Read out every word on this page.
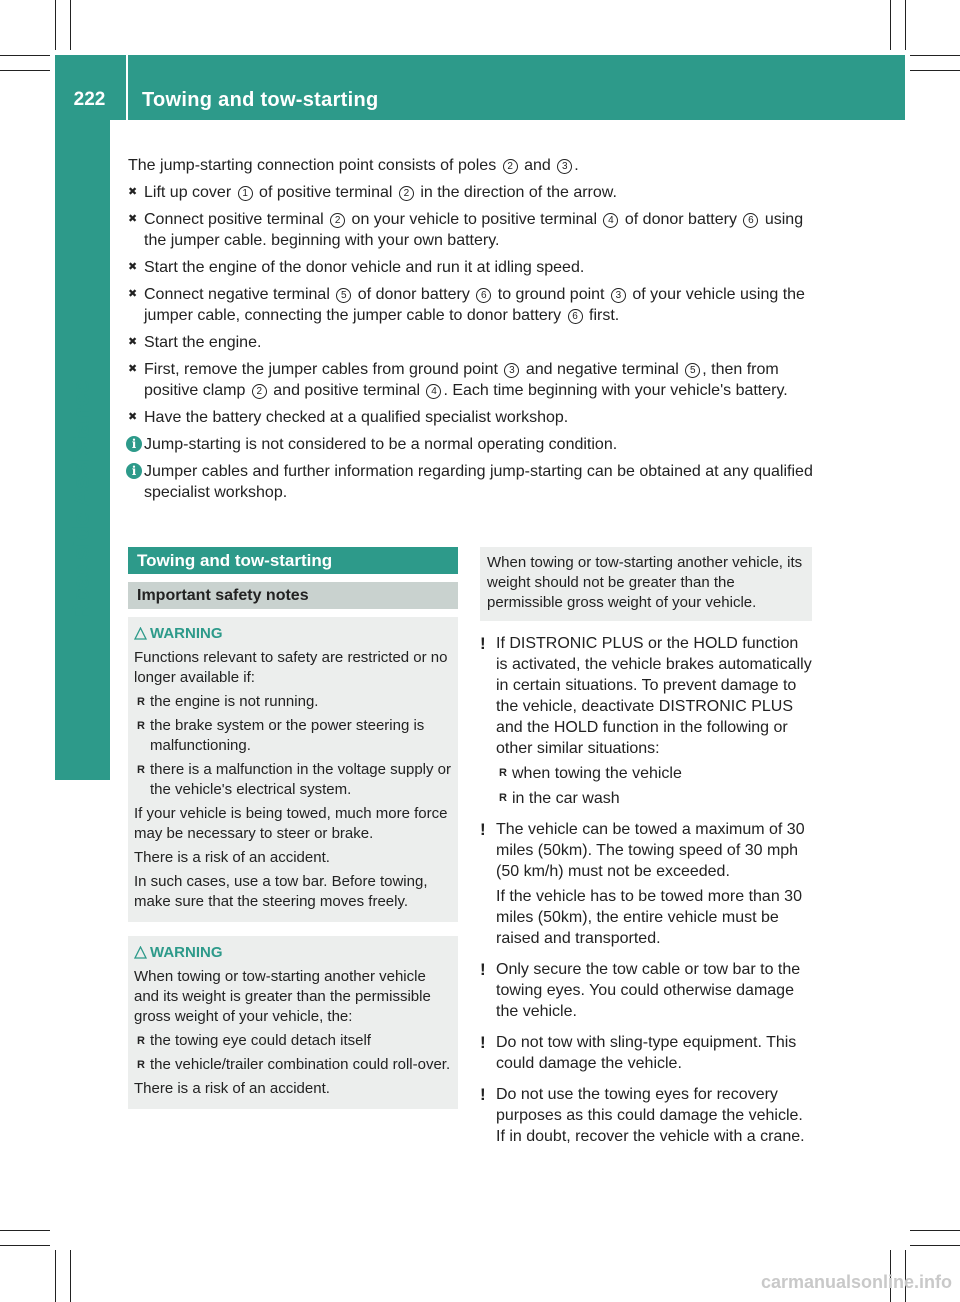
222	Towing and tow-starting
Roadside Assistance

The jump-starting connection point consists of poles 2 and 3 .

✖ Lift up cover 1 of positive terminal 2 in the direction of the arrow.
✖ Connect positive terminal 2 on your vehicle to positive terminal 4 of donor battery 6 using the jumper cable. beginning with your own battery.
✖ Start the engine of the donor vehicle and run it at idling speed.
✖ Connect negative terminal 5 of donor battery 6 to ground point 3 of your vehicle using the jumper cable, connecting the jumper cable to donor battery 6 first.
✖ Start the engine.
✖ First, remove the jumper cables from ground point 3 and negative terminal 5 , then from positive clamp 2 and positive terminal 4 . Each time beginning with your vehicle's battery.
✖ Have the battery checked at a qualified specialist workshop.
i Jump-starting is not considered to be a normal operating condition.
i Jumper cables and further information regarding jump-starting can be obtained at any qualified specialist workshop.
Towing and tow-starting
Important safety notes
WARNING

Functions relevant to safety are restricted or no longer available if:

R the engine is not running.
R the brake system or the power steering is malfunctioning.
R there is a malfunction in the voltage supply or the vehicle's electrical system.

If your vehicle is being towed, much more force may be necessary to steer or brake.

There is a risk of an accident.

In such cases, use a tow bar. Before towing, make sure that the steering moves freely.

WARNING

When towing or tow-starting another vehicle and its weight is greater than the permissible gross weight of your vehicle, the:

R the towing eye could detach itself
R the vehicle/trailer combination could roll-over.

There is a risk of an accident.

When towing or tow-starting another vehicle, its weight should not be greater than the permissible gross weight of your vehicle.
! If DISTRONIC PLUS or the HOLD function is activated, the vehicle brakes automatically in certain situations. To prevent damage to the vehicle, deactivate DISTRONIC PLUS and the HOLD function in the following or other similar situations:

R when towing the vehicle
R in the car wash
! The vehicle can be towed a maximum of 30 miles (50km). The towing speed of 30 mph (50 km/h) must not be exceeded.

If the vehicle has to be towed more than 30 miles (50km), the entire vehicle must be raised and transported.

! Only secure the tow cable or tow bar to the towing eyes. You could otherwise damage the vehicle.

! Do not tow with sling-type equipment. This could damage the vehicle.

! Do not use the towing eyes for recovery purposes as this could damage the vehicle. If in doubt, recover the vehicle with a crane.

carmanualsonline.info
